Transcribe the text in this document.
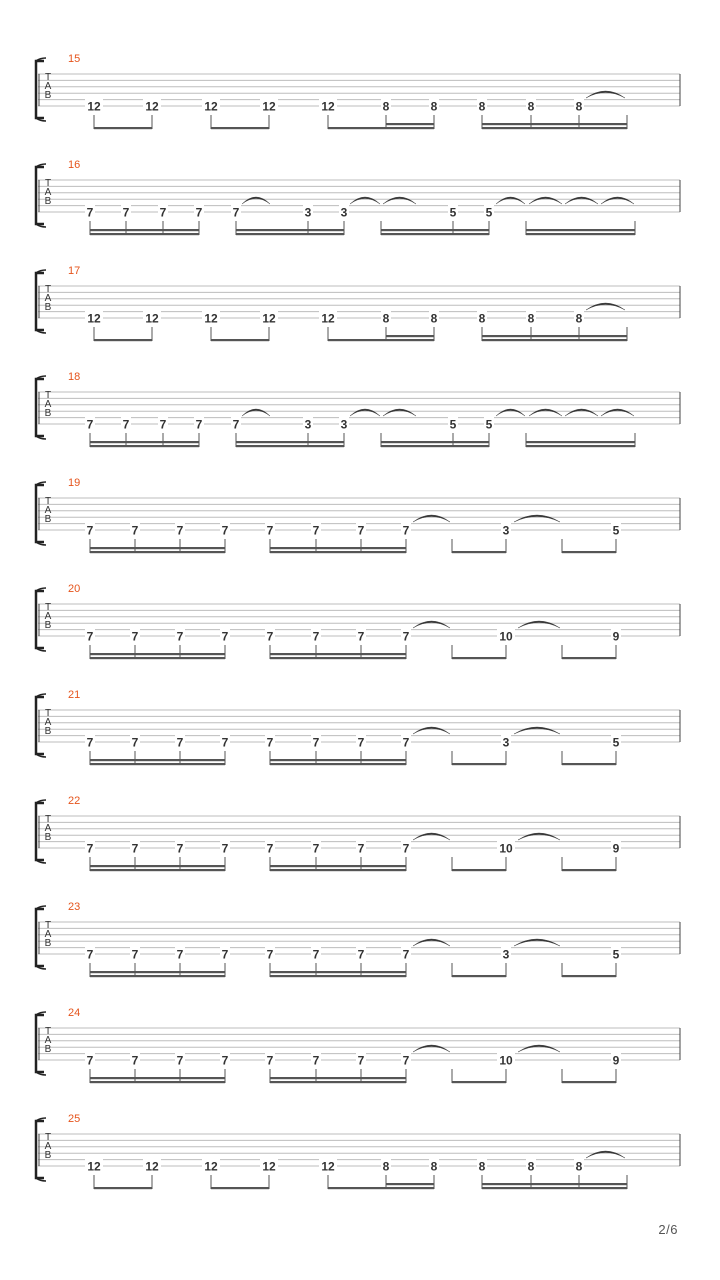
15
T
A
B
12	12	12	12	12	8	8	8	8	8
16
T
A
B
7 7	7 7	7	3 3	5 5
17
T
A
B
12	12	12	12	12	8	8	8	8	8
18
T
A
B
7 7	7 7	7	3 3	5 5
19
T
A
B
7	7	7	7	7	7	7	7	3	5
20
T
A
B
7	7	7	7	7	7	7	7	10	9
21
T
A
B
7	7	7	7	7	7	7	7	3	5
22
T
A
B
7	7	7	7	7	7	7	7	10	9
23
T
A
B
7	7	7	7	7	7	7	7	3	5
24
T
A
B
7	7	7	7	7	7	7	7	10	9
25
T
A
B
12	12	12	12	12	8	8	8	8	8
2/6
